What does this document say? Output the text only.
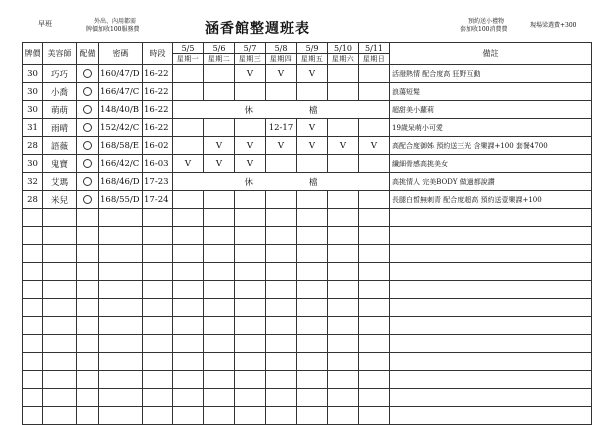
早班	外出、內用都需
牌價加收100服務費	涵香館整週班表	預約送小禮物
套加收100消費費
現場梁選費+300
牌價	美容師	配備	密碼	時段	5/5	5/6	5/7	5/8	5/9	5/10	5/11	備註
					星期一	星期二	星期三	星期四	星期五	星期六	星期日	
30	巧巧		160/47/D	16-22			V	V	V			活潑熱情 配合度高 狂野互動
30	小喬		166/47/C	16-22								浪蕩短髮
30	萌萌		148/40/B	16-22	休 檔							超甜美小蘿莉
31	雨晴		152/42/C	16-22				12-17	V			19歲呆萌小可愛
28	語薇		168/58/E	16-02		V	V	V	V	V	V	高配合度御姊 預約送三光 含樂課+100 套餐4700
30	鬼寶		166/42/C	16-03	V	V	V					纖細骨感高挑美女
32	艾瑪		168/46/D	17-23	休 檔							高挑情人 完美BODY 做過都說讚
28	米兒		168/55/D	17-24								長腿白皙無刺青 配合度超高 預約送壹樂課+100
